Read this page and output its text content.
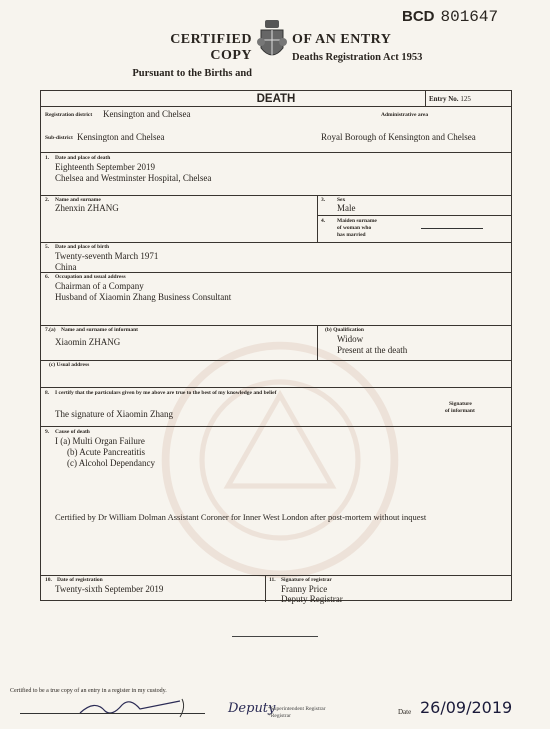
CERTIFIED COPY
Pursuant to the Births and
OF AN ENTRY
Deaths Registration Act 1953
BCD 801647
DEATH	Entry No. 125
Registration district Kensington and Chelsea	Administrative area
Sub-district Kensington and Chelsea	Royal Borough of Kensington and Chelsea
1. Date and place of death
Eighteenth September 2019
Chelsea and Westminster Hospital, Chelsea
2. Name and surname
Zhenxin ZHANG
3. Sex
Male
4. Maiden surname
of woman who
has married
5. Date and place of birth
Twenty-seventh March 1971
China
6. Occupation and usual address
Chairman of a Company
Husband of Xiaomin Zhang Business Consultant
7.(a) Name and surname of informant
Xiaomin ZHANG
(b) Qualification
Widow
Present at the death
(c) Usual address
8. I certify that the particulars given by me above are true to the best of my knowledge and belief
The signature of Xiaomin Zhang
Signature
of informant
9. Cause of death
I (a) Multi Organ Failure
(b) Acute Pancreatitis
(c) Alcohol Dependancy
Certified by Dr William Dolman Assistant Coroner for Inner West London after post-mortem without inquest
10. Date of registration
Twenty-sixth September 2019
11. Signature of registrar
Franny Price
Deputy Registrar
Certified to be a true copy of an entry in a register in my custody.
Deputy
*Superintendent Registrar
*Registrar	Date 26/09/2019
